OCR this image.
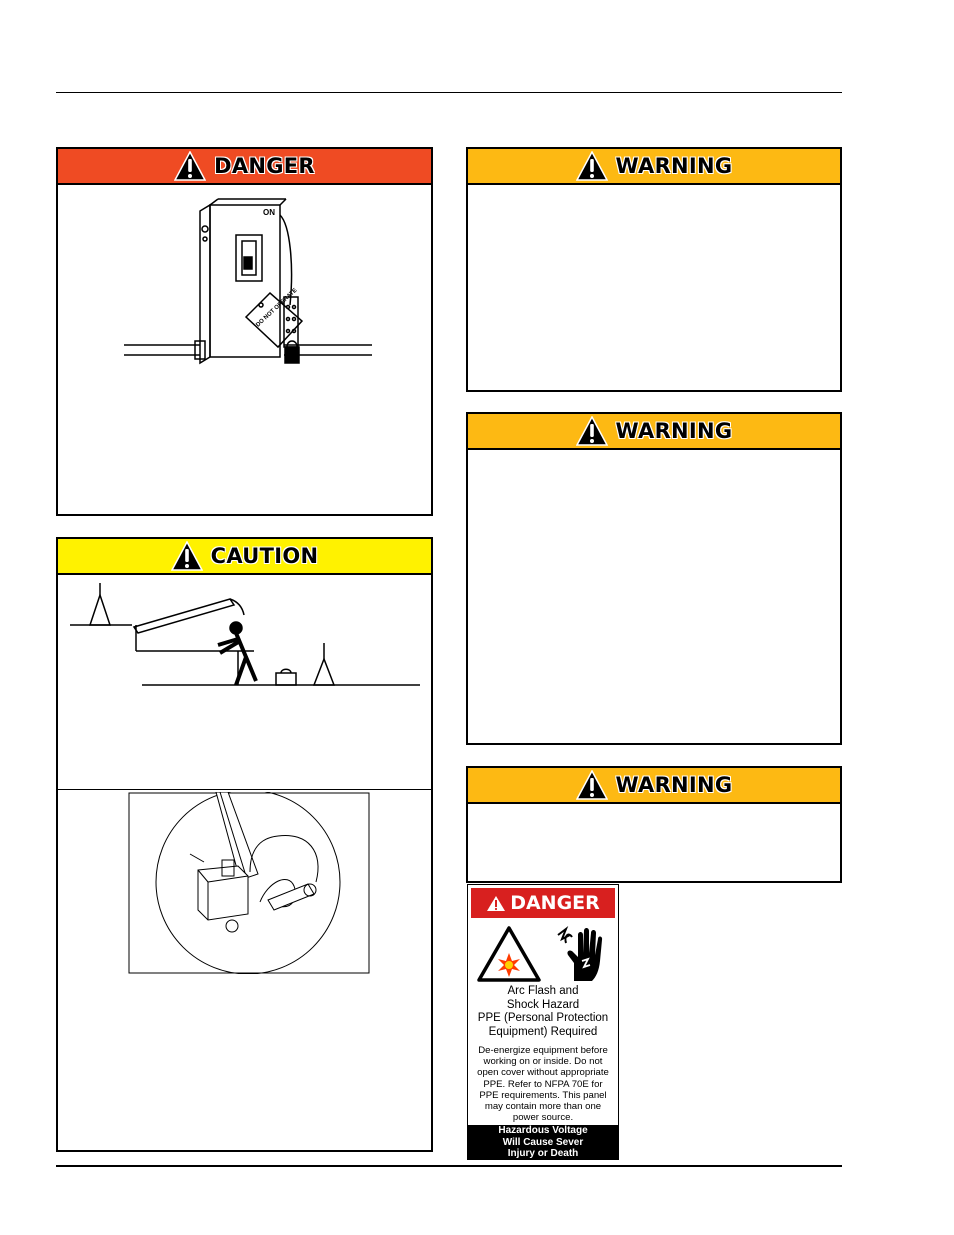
DANGER
ON
DO NOT OPERATE
CAUTION
WARNING
WARNING
WARNING
DANGER
Arc Flash and
Shock Hazard
PPE (Personal Protection
Equipment) Required
De-energize equipment before
working on or inside. Do not
open cover without appropriate
PPE. Refer to NFPA 70E for
PPE requirements. This panel
may contain more than one
power source.
Hazardous Voltage
Will Cause Sever
Injury or Death
